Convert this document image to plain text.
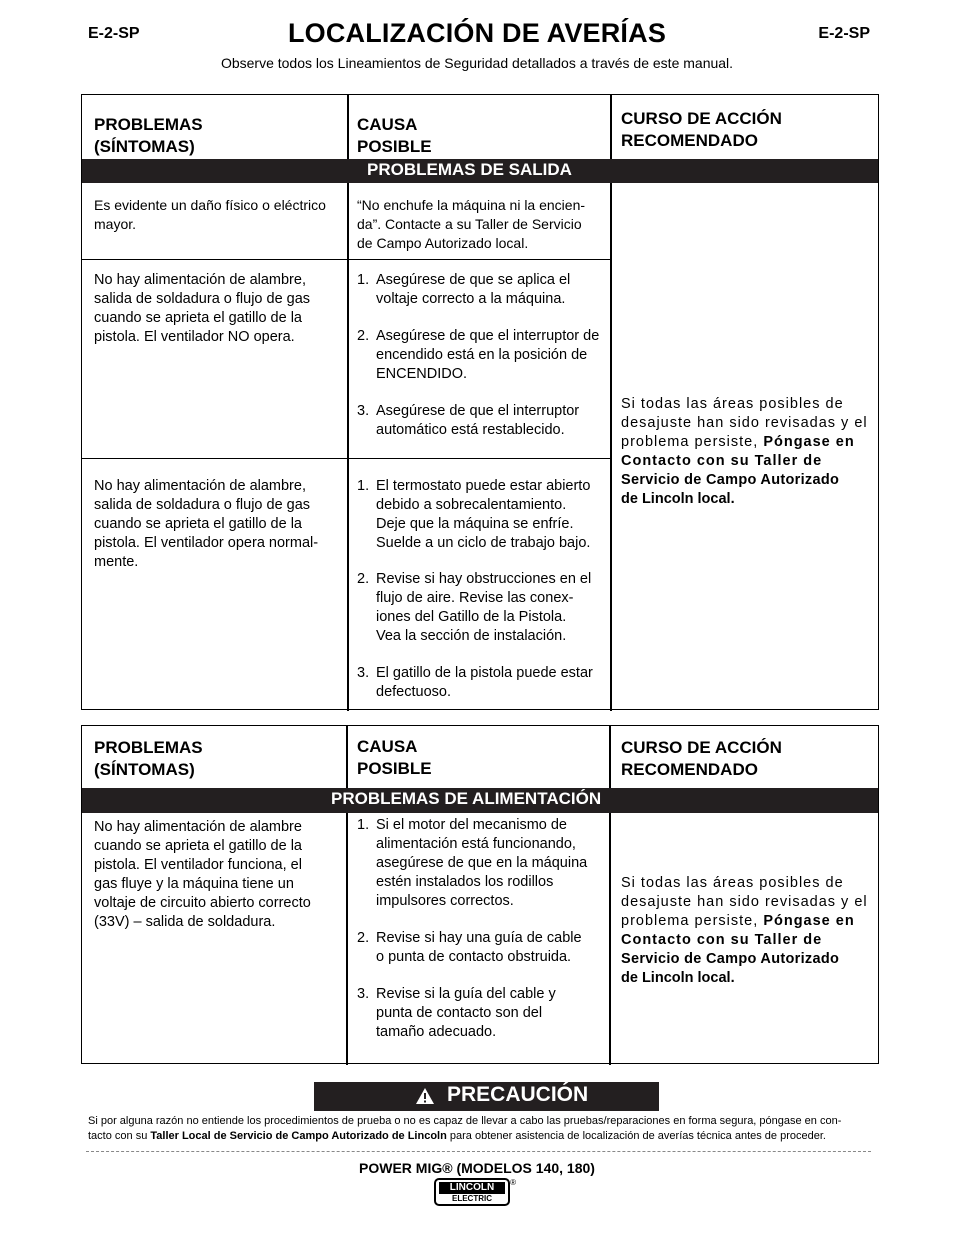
E-2-SP	E-2-SP
LOCALIZACIÓN DE AVERÍAS
Observe todos los Lineamientos de Seguridad detallados a través de este manual.
PROBLEMAS
(SÍNTOMAS)
CAUSA
POSIBLE
CURSO DE ACCIÓN
RECOMENDADO
PROBLEMAS DE SALIDA
Es evidente un daño físico o eléctrico
mayor.
“No enchufe la máquina ni la encien-
da”. Contacte a su Taller de Servicio
de Campo Autorizado local.
No hay alimentación de alambre,
salida de soldadura o flujo de gas
cuando se aprieta el gatillo de la
pistola. El ventilador NO opera.
1. Asegúrese de que se aplica el
voltaje correcto a la máquina.
2. Asegúrese de que el interruptor de
encendido está en la posición de
ENCENDIDO.
3. Asegúrese de que el interruptor
automático está restablecido.
No hay alimentación de alambre,
salida de soldadura o flujo de gas
cuando se aprieta el gatillo de la
pistola. El ventilador opera normal-
mente.
1. El termostato puede estar abierto
debido a sobrecalentamiento.
Deje que la máquina se enfríe.
Suelde a un ciclo de trabajo bajo.
2. Revise si hay obstrucciones en el
flujo de aire. Revise las conex-
iones del Gatillo de la Pistola.
Vea la sección de instalación.
3. El gatillo de la pistola puede estar
defectuoso.
Si todas las áreas posibles de
desajuste han sido revisadas y el
problema persiste, Póngase en
Contacto con su Taller de
Servicio de Campo Autorizado
de Lincoln local.
PROBLEMAS
(SÍNTOMAS)
CAUSA
POSIBLE
CURSO DE ACCIÓN
RECOMENDADO
PROBLEMAS DE ALIMENTACIÓN
No hay alimentación de alambre
cuando se aprieta el gatillo de la
pistola. El ventilador funciona, el
gas fluye y la máquina tiene un
voltaje de circuito abierto correcto
(33V) – salida de soldadura.
1. Si el motor del mecanismo de
alimentación está funcionando,
asegúrese de que en la máquina
estén instalados los rodillos
impulsores correctos.
2. Revise si hay una guía de cable
o punta de contacto obstruida.
3. Revise si la guía del cable y
punta de contacto son del
tamaño adecuado.
Si todas las áreas posibles de
desajuste han sido revisadas y el
problema persiste, Póngase en
Contacto con su Taller de
Servicio de Campo Autorizado
de Lincoln local.
PRECAUCIÓN
Si por alguna razón no entiende los procedimientos de prueba o no es capaz de llevar a cabo las pruebas/reparaciones en forma segura, póngase en con-
tacto con su Taller Local de Servicio de Campo Autorizado de Lincoln para obtener asistencia de localización de averías técnica antes de proceder.
POWER MIG® (MODELOS 140, 180)
LINCOLN
ELECTRIC
®
